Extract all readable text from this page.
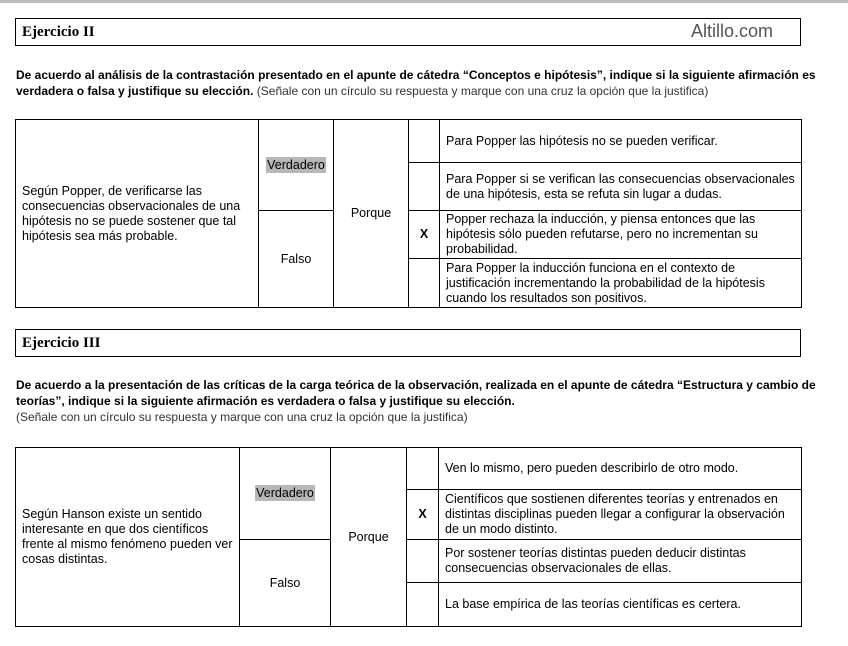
Ejercicio II	Altillo.com
De acuerdo al análisis de la contrastación presentado en el apunte de cátedra “Conceptos e hipótesis”, indique si la siguiente afirmación es verdadera o falsa y justifique su elección. (Señale con un círculo su respuesta y marque con una cruz la opción que la justifica)
Según Popper, de verificarse las consecuencias observacionales de una hipótesis no se puede sostener que tal hipótesis sea más probable.	Verdadero	Porque		Para Popper las hipótesis no se pueden verificar.
				Para Popper si se verifican las consecuencias observacionales de una hipótesis, esta se refuta sin lugar a dudas.
	Falso		X	Popper rechaza la inducción, y piensa entonces que las hipótesis sólo pueden refutarse, pero no incrementan su probabilidad.
				Para Popper la inducción funciona en el contexto de justificación incrementando la probabilidad de la hipótesis cuando los resultados son positivos.
Ejercicio III
De acuerdo a la presentación de las críticas de la carga teórica de la observación, realizada en el apunte de cátedra “Estructura y cambio de teorías”, indique si la siguiente afirmación es verdadera o falsa y justifique su elección.
(Señale con un círculo su respuesta y marque con una cruz la opción que la justifica)
Según Hanson existe un sentido interesante en que dos científicos frente al mismo fenómeno pueden ver cosas distintas.	Verdadero	Porque		Ven lo mismo, pero pueden describirlo de otro modo.
			X	Científicos que sostienen diferentes teorías y entrenados en distintas disciplinas pueden llegar a configurar la observación de un modo distinto.
	Falso			Por sostener teorías distintas pueden deducir distintas consecuencias observacionales de ellas.
				La base empírica de las teorías científicas es certera.
